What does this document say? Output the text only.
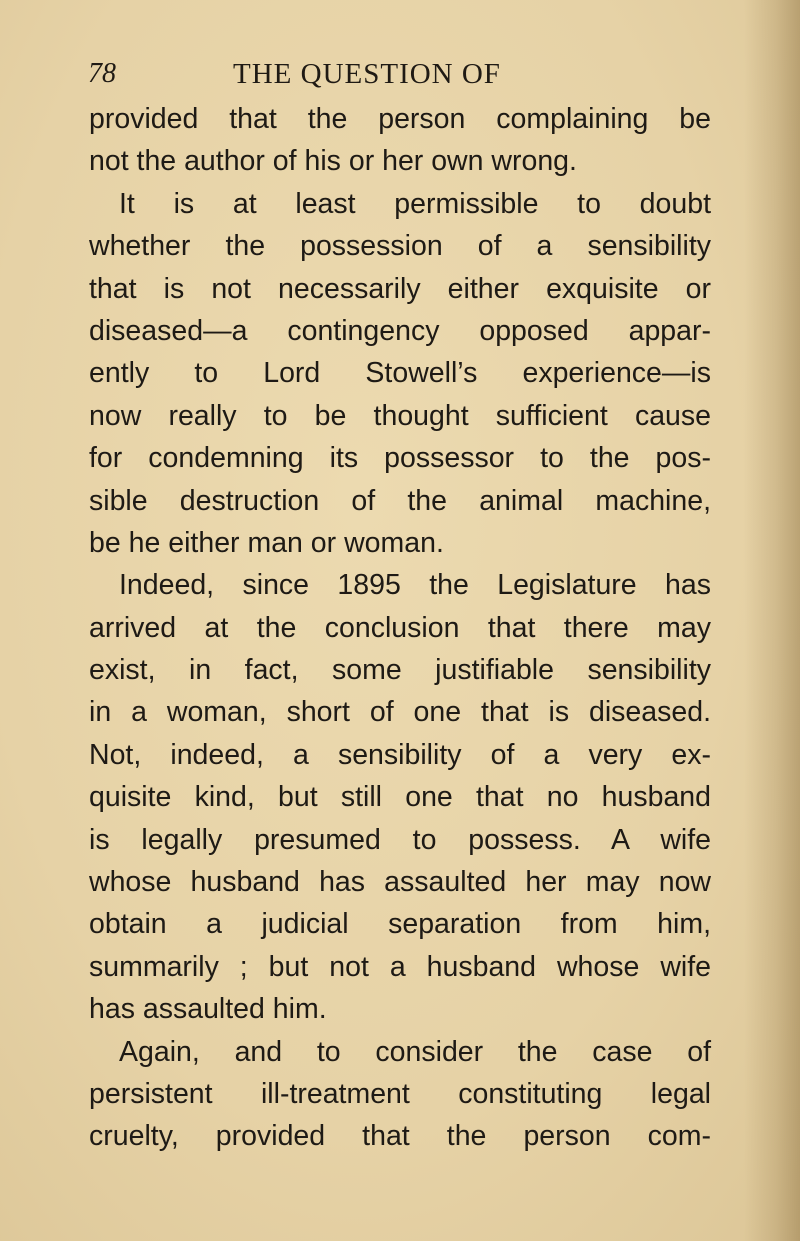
78	THE QUESTION OF
provided that the person complaining be
not the author of his or her own wrong.
It is at least permissible to doubt
whether the possession of a sensibility
that is not necessarily either exquisite or
diseased—a contingency opposed appar-
ently to Lord Stowell’s experience—is
now really to be thought sufficient cause
for condemning its possessor to the pos-
sible destruction of the animal machine,
be he either man or woman.
Indeed, since 1895 the Legislature has
arrived at the conclusion that there may
exist, in fact, some justifiable sensibility
in a woman, short of one that is diseased.
Not, indeed, a sensibility of a very ex-
quisite kind, but still one that no husband
is legally presumed to possess. A wife
whose husband has assaulted her may now
obtain a judicial separation from him,
summarily ; but not a husband whose wife
has assaulted him.
Again, and to consider the case of
persistent ill-treatment constituting legal
cruelty, provided that the person com-
